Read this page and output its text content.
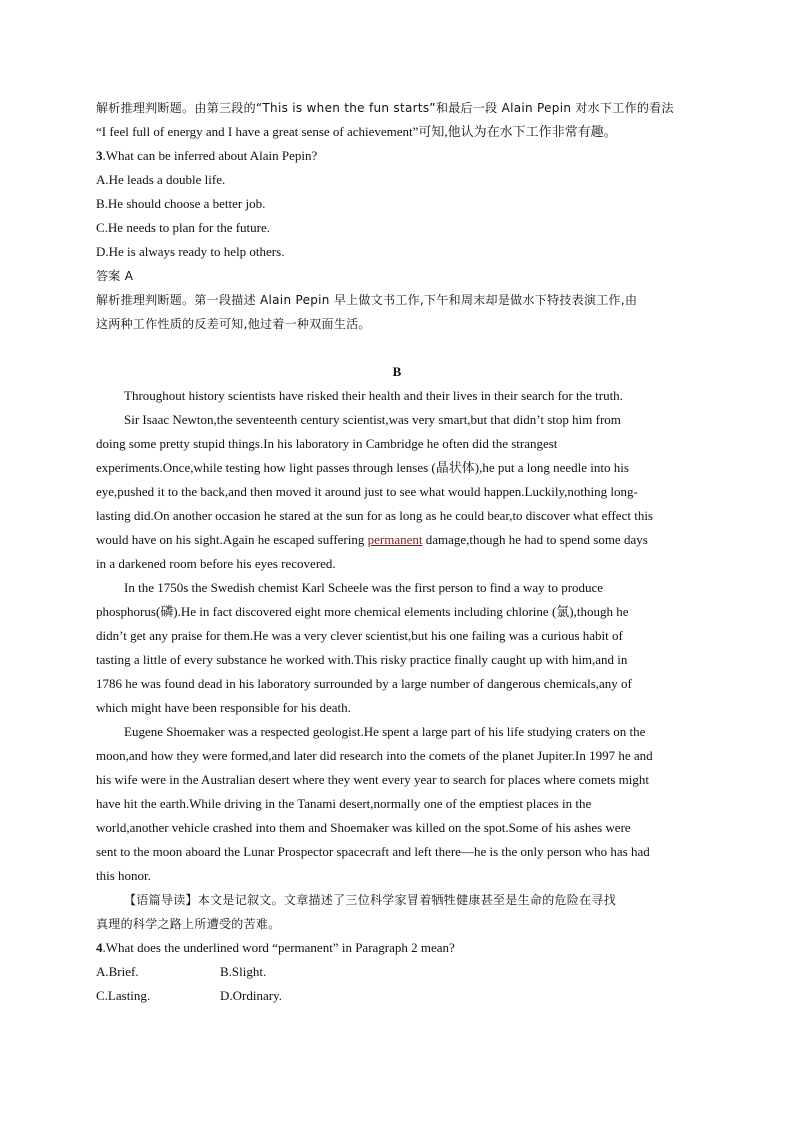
解析推理判断题。由第三段的“This is when the fun starts”和最后一段 Alain Pepin 对水下工作的看法
“I feel full of energy and I have a great sense of achievement”可知,他认为在水下工作非常有趣。
3.What can be inferred about Alain Pepin?
A.He leads a double life.
B.He should choose a better job.
C.He needs to plan for the future.
D.He is always ready to help others.
答案 A
解析推理判断题。第一段描述 Alain Pepin 早上做文书工作,下午和周末却是做水下特技表演工作,由
这两种工作性质的反差可知,他过着一种双面生活。
B
Throughout history scientists have risked their health and their lives in their search for the truth.
Sir Isaac Newton,the seventeenth century scientist,was very smart,but that didn’t stop him from
doing some pretty stupid things.In his laboratory in Cambridge he often did the strangest
experiments.Once,while testing how light passes through lenses (晶状体),he put a long needle into his
eye,pushed it to the back,and then moved it around just to see what would happen.Luckily,nothing long-
lasting did.On another occasion he stared at the sun for as long as he could bear,to discover what effect this
would have on his sight.Again he escaped suffering permanent damage,though he had to spend some days
in a darkened room before his eyes recovered.
In the 1750s the Swedish chemist Karl Scheele was the first person to find a way to produce
phosphorus(磷).He in fact discovered eight more chemical elements including chlorine (氯),though he
didn’t get any praise for them.He was a very clever scientist,but his one failing was a curious habit of
tasting a little of every substance he worked with.This risky practice finally caught up with him,and in
1786 he was found dead in his laboratory surrounded by a large number of dangerous chemicals,any of
which might have been responsible for his death.
Eugene Shoemaker was a respected geologist.He spent a large part of his life studying craters on the
moon,and how they were formed,and later did research into the comets of the planet Jupiter.In 1997 he and
his wife were in the Australian desert where they went every year to search for places where comets might
have hit the earth.While driving in the Tanami desert,normally one of the emptiest places in the
world,another vehicle crashed into them and Shoemaker was killed on the spot.Some of his ashes were
sent to the moon aboard the Lunar Prospector spacecraft and left there—he is the only person who has had
this honor.
【语篇导读】本文是记叙文。文章描述了三位科学家冒着牺牲健康甚至是生命的危险在寻找
真理的科学之路上所遭受的苦难。
4.What does the underlined word “permanent” in Paragraph 2 mean?
A.Brief.	B.Slight.
C.Lasting.	D.Ordinary.
